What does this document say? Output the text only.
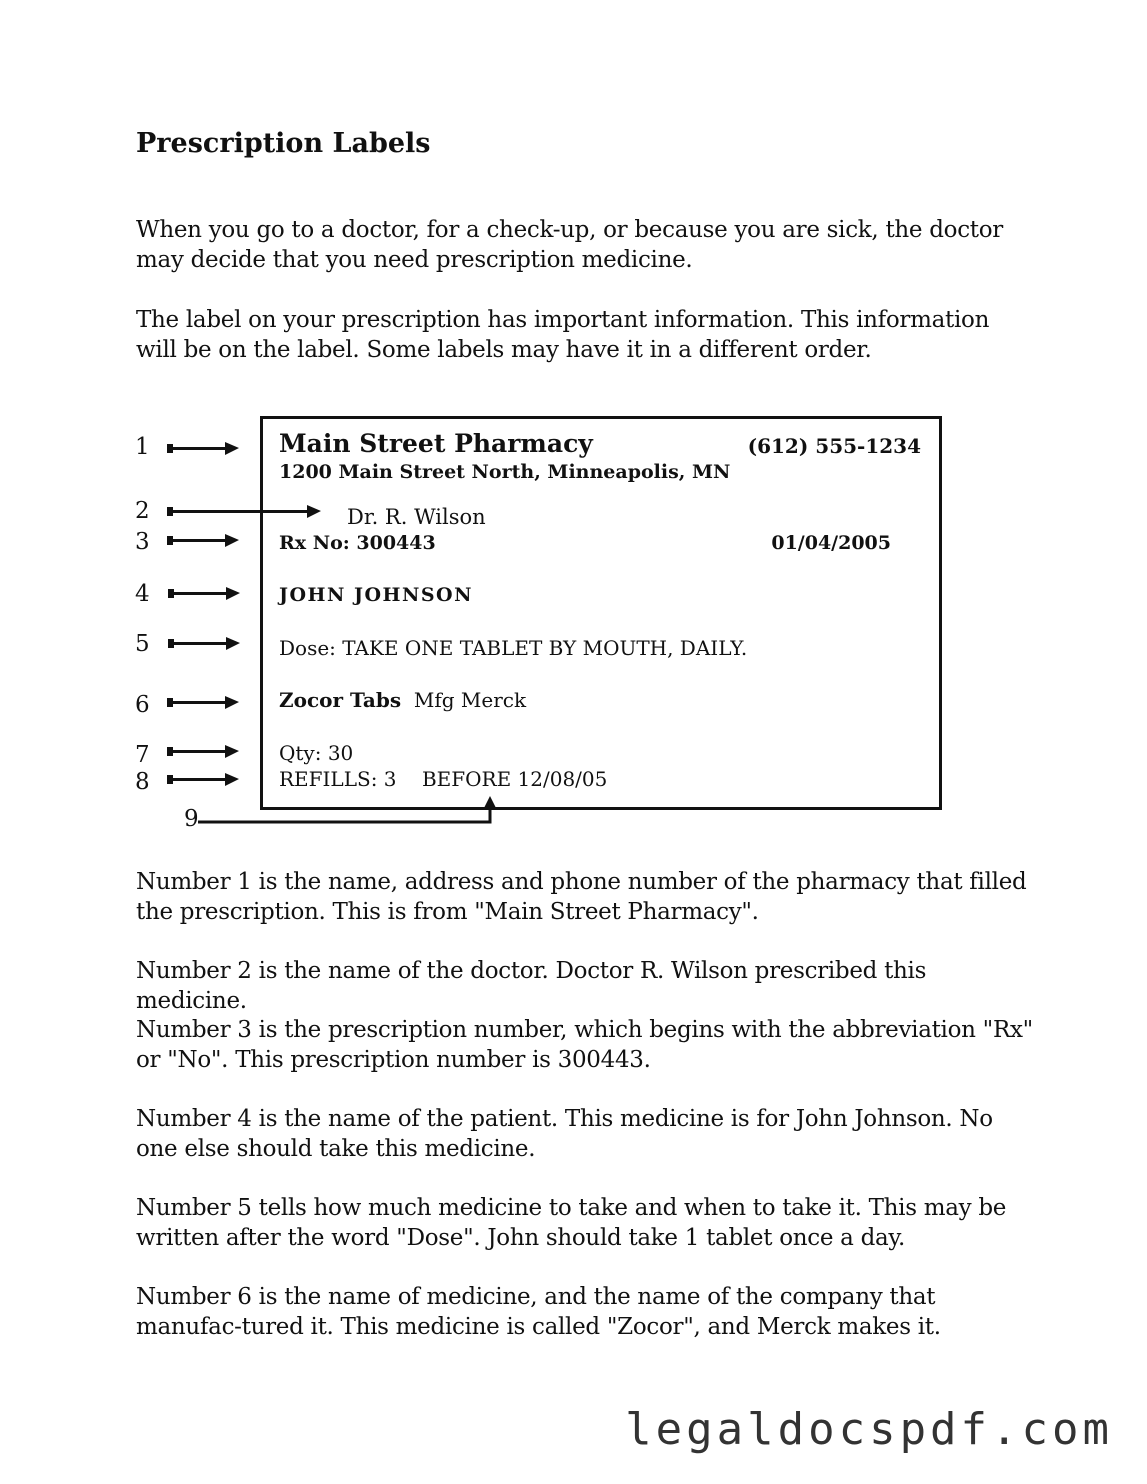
Prescription Labels

When you go to a doctor, for a check-up, or because you are sick, the doctor may decide that you need prescription medicine.

The label on your prescription has important information. This information will be on the label. Some labels may have it in a different order.

1
2
3
4
5
6
7
8
9
Main Street Pharmacy	(612) 555-1234
1200 Main Street North, Minneapolis, MN
Dr. R. Wilson
Rx No: 300443	01/04/2005
JOHN JOHNSON
Dose: TAKE ONE TABLET BY MOUTH, DAILY.
Zocor Tabs Mfg Merck
Qty: 30
REFILLS: 3    BEFORE 12/08/05

Number 1 is the name, address and phone number of the pharmacy that filled the prescription. This is from "Main Street Pharmacy".

Number 2 is the name of the doctor. Doctor R. Wilson prescribed this medicine.

Number 3 is the prescription number, which begins with the abbreviation "Rx" or "No". This prescription number is 300443.

Number 4 is the name of the patient. This medicine is for John Johnson. No one else should take this medicine.

Number 5 tells how much medicine to take and when to take it. This may be written after the word "Dose". John should take 1 tablet once a day.

Number 6 is the name of medicine, and the name of the company that manufac-tured it. This medicine is called "Zocor", and Merck makes it.

legaldocspdf.com
